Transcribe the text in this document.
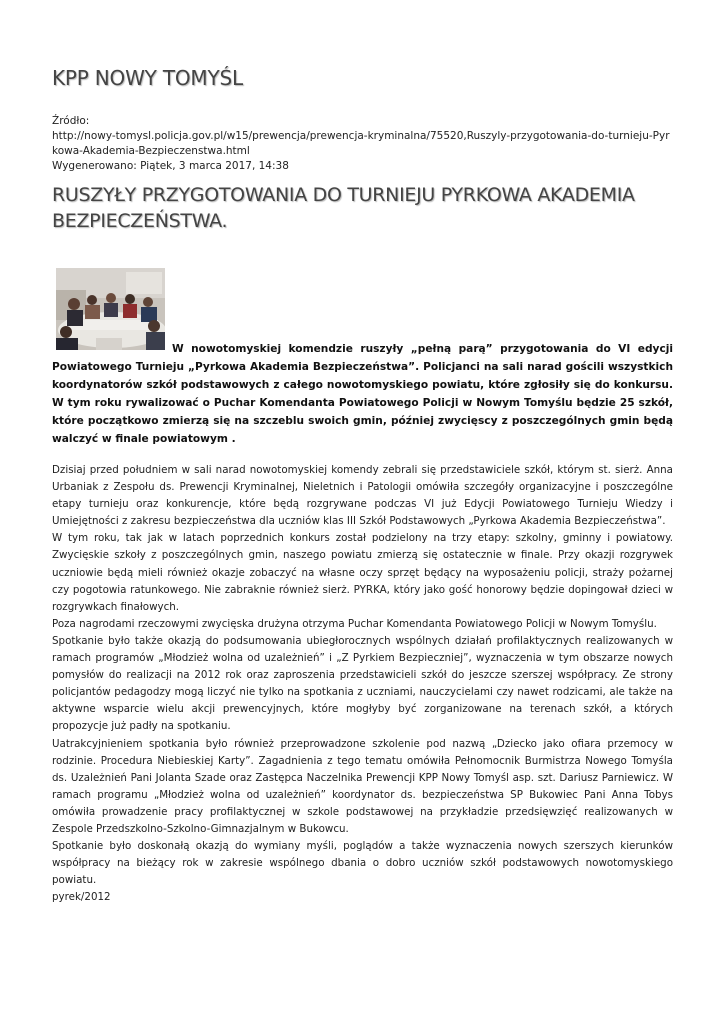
KPP NOWY TOMYŚL
Źródło:
http://nowy-tomysl.policja.gov.pl/w15/prewencja/prewencja-kryminalna/75520,Ruszyly-przygotowania-do-turnieju-Pyrkowa-Akademia-Bezpieczenstwa.html
Wygenerowano: Piątek, 3 marca 2017, 14:38
RUSZYŁY PRZYGOTOWANIA DO TURNIEJU PYRKOWA AKADEMIA BEZPIECZEŃSTWA.

W nowotomyskiej komendzie ruszyły „pełną parą” przygotowania do VI edycji Powiatowego Turnieju „Pyrkowa Akademia Bezpieczeństwa”. Policjanci na sali narad gościli wszystkich koordynatorów szkół podstawowych z całego nowotomyskiego powiatu, które zgłosiły się do konkursu. W tym roku rywalizować o Puchar Komendanta Powiatowego Policji w Nowym Tomyślu będzie 25 szkół, które początkowo zmierzą się na szczeblu swoich gmin, później zwycięscy z poszczególnych gmin będą walczyć w finale powiatowym .

Dzisiaj przed południem w sali narad nowotomyskiej komendy zebrali się przedstawiciele szkół, którym st. sierż. Anna Urbaniak z Zespołu ds. Prewencji Kryminalnej, Nieletnich i Patologii omówiła szczegóły organizacyjne i poszczególne etapy turnieju oraz konkurencje, które będą rozgrywane podczas VI już Edycji Powiatowego Turnieju Wiedzy i Umiejętności z zakresu bezpieczeństwa dla uczniów klas III Szkół Podstawowych „Pyrkowa Akademia Bezpieczeństwa”.

W tym roku, tak jak w latach poprzednich konkurs został podzielony na trzy etapy: szkolny, gminny i powiatowy. Zwycięskie szkoły z poszczególnych gmin, naszego powiatu zmierzą się ostatecznie w finale. Przy okazji rozgrywek uczniowie będą mieli również okazje zobaczyć na własne oczy sprzęt będący na wyposażeniu policji, straży pożarnej czy pogotowia ratunkowego. Nie zabraknie również sierż. PYRKA, który jako gość honorowy będzie dopingował dzieci w rozgrywkach finałowych.

Poza nagrodami rzeczowymi zwycięska drużyna otrzyma Puchar Komendanta Powiatowego Policji w Nowym Tomyślu.

Spotkanie było także okazją do podsumowania ubiegłorocznych wspólnych działań profilaktycznych realizowanych w ramach programów „Młodzież wolna od uzależnień” i „Z Pyrkiem Bezpieczniej”, wyznaczenia w tym obszarze nowych pomysłów do realizacji na 2012 rok oraz zaproszenia przedstawicieli szkół do jeszcze szerszej współpracy. Ze strony policjantów pedagodzy mogą liczyć nie tylko na spotkania z uczniami, nauczycielami czy nawet rodzicami, ale także na aktywne wsparcie wielu akcji prewencyjnych, które mogłyby być zorganizowane na terenach szkół, a których propozycje już padły na spotkaniu.

Uatrakcyjnieniem spotkania było również przeprowadzone szkolenie pod nazwą „Dziecko jako ofiara przemocy w rodzinie. Procedura Niebieskiej Karty”. Zagadnienia z tego tematu omówiła Pełnomocnik Burmistrza Nowego Tomyśla ds. Uzależnień Pani Jolanta Szade oraz Zastępca Naczelnika Prewencji KPP Nowy Tomyśl asp. szt. Dariusz Parniewicz. W ramach programu „Młodzież wolna od uzależnień” koordynator ds. bezpieczeństwa SP Bukowiec Pani Anna Tobys omówiła prowadzenie pracy profilaktycznej w szkole podstawowej na przykładzie przedsięwzięć realizowanych w Zespole Przedszkolno-Szkolno-Gimnazjalnym w Bukowcu.

Spotkanie było doskonałą okazją do wymiany myśli, poglądów a także wyznaczenia nowych szerszych kierunków współpracy na bieżący rok w zakresie wspólnego dbania o dobro uczniów szkół podstawowych nowotomyskiego powiatu.

pyrek/2012
